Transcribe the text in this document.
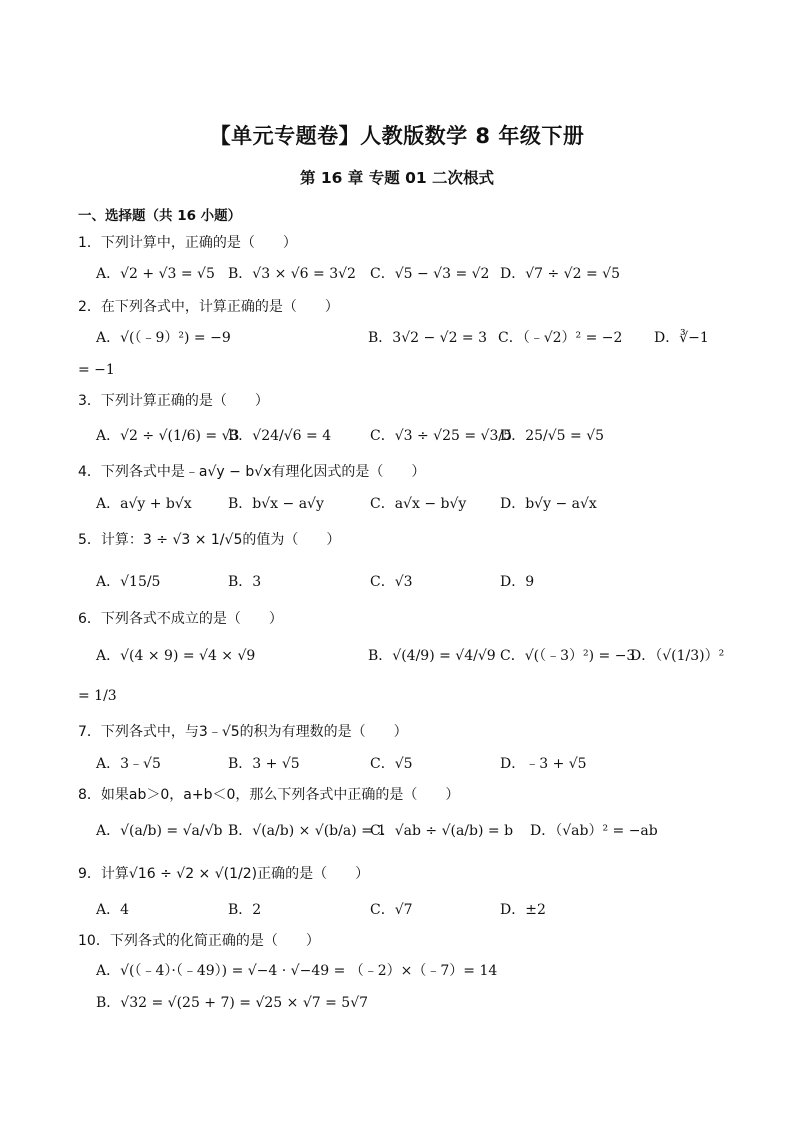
【单元专题卷】人教版数学 8 年级下册
第 16 章 专题 01 二次根式
一、选择题（共 16 小题）
1．下列计算中，正确的是（　　）
A．√2 + √3 = √5 B．√3 × √6 = 3√2 C．√5 − √3 = √2 D．√7 ÷ √2 = √5
2．在下列各式中，计算正确的是（　　）
A．√(（﹣9）²) = −9	B．3√2 − √2 = 3 C．（﹣√2）² = −2 D．∛−1
= −1
3．下列计算正确的是（　　）
A．√2 ÷ √(1/6) = √3
B．√24/√6 = 4	C．√3 ÷ √25 = √3/5
D．25/√5 = √5
4．下列各式中是﹣a√y − b√x有理化因式的是（　　）
A．a√y + b√x	B．b√x − a√y	C．a√x − b√y D．b√y − a√x
5．计算：3 ÷ √3 × 1/√5的值为（　　）
A．√15/5	B．3	C．√3	D．9
6．下列各式不成立的是（　　）
A．√(4 × 9) = √4 × √9	B．√(4/9) = √4/√9 C．√(（﹣3）²) = −3
D．（√(1/3)）²
= 1/3
7．下列各式中，与3﹣√5的积为有理数的是（　　）
A．3﹣√5	B．3 + √5	C．√5	D．﹣3 + √5
8．如果ab＞0，a+b＜0，那么下列各式中正确的是（　　）
A．√(a/b) = √a/√b B．√(a/b) × √(b/a) = 1
C．√ab ÷ √(a/b) = b D．（√ab）² = −ab
9．计算√16 ÷ √2 × √(1/2)正确的是（　　）
A．4	B．2	C．√7	D．±2
10．下列各式的化简正确的是（　　）
A．√(（﹣4）·（﹣49）) = √−4 · √−49 = （﹣2）×（﹣7）= 14
B．√32 = √(25 + 7) = √25 × √7 = 5√7
